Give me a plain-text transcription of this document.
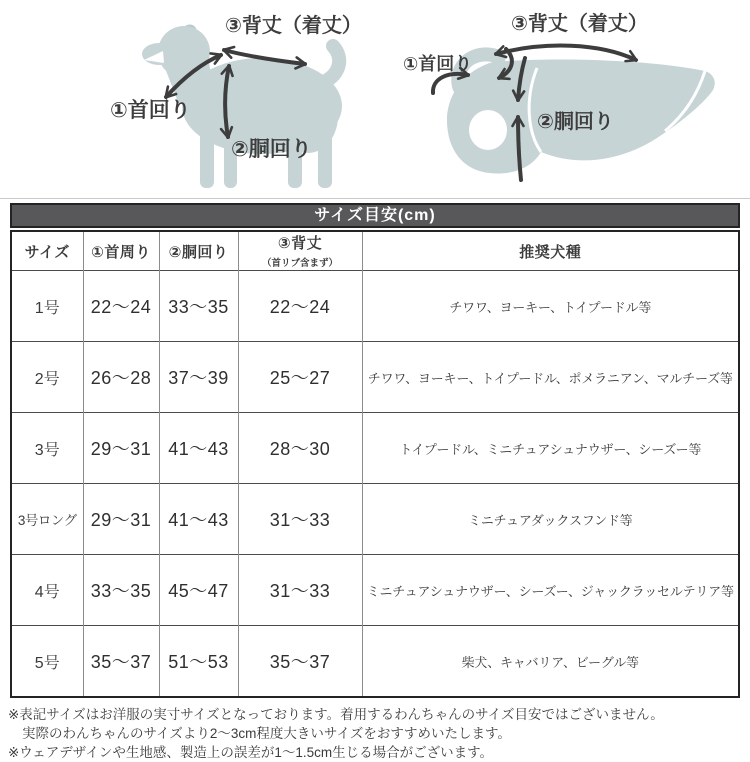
③背丈（着丈）
①首回り
②胴回り
③背丈（着丈）
①首回り
②胴回り
サイズ目安(cm)
サイズ	①首周り	②胴回り	③背丈（首リブ含まず）	推奨犬種
1号	22〜24	33〜35	22〜24	チワワ、ヨーキー、トイプードル等
2号	26〜28	37〜39	25〜27	チワワ、ヨーキー、トイプードル、ポメラニアン、マルチーズ等
3号	29〜31	41〜43	28〜30	トイプードル、ミニチュアシュナウザー、シーズー等
3号ロング	29〜31	41〜43	31〜33	ミニチュアダックスフンド等
4号	33〜35	45〜47	31〜33	ミニチュアシュナウザー、シーズー、ジャックラッセルテリア等
5号	35〜37	51〜53	35〜37	柴犬、キャバリア、ビーグル等

※表記サイズはお洋服の実寸サイズとなっております。着用するわんちゃんのサイズ目安ではございません。

実際のわんちゃんのサイズより2〜3cm程度大きいサイズをおすすめいたします。

※ウェアデザインや生地感、製造上の誤差が1〜1.5cm生じる場合がございます。
